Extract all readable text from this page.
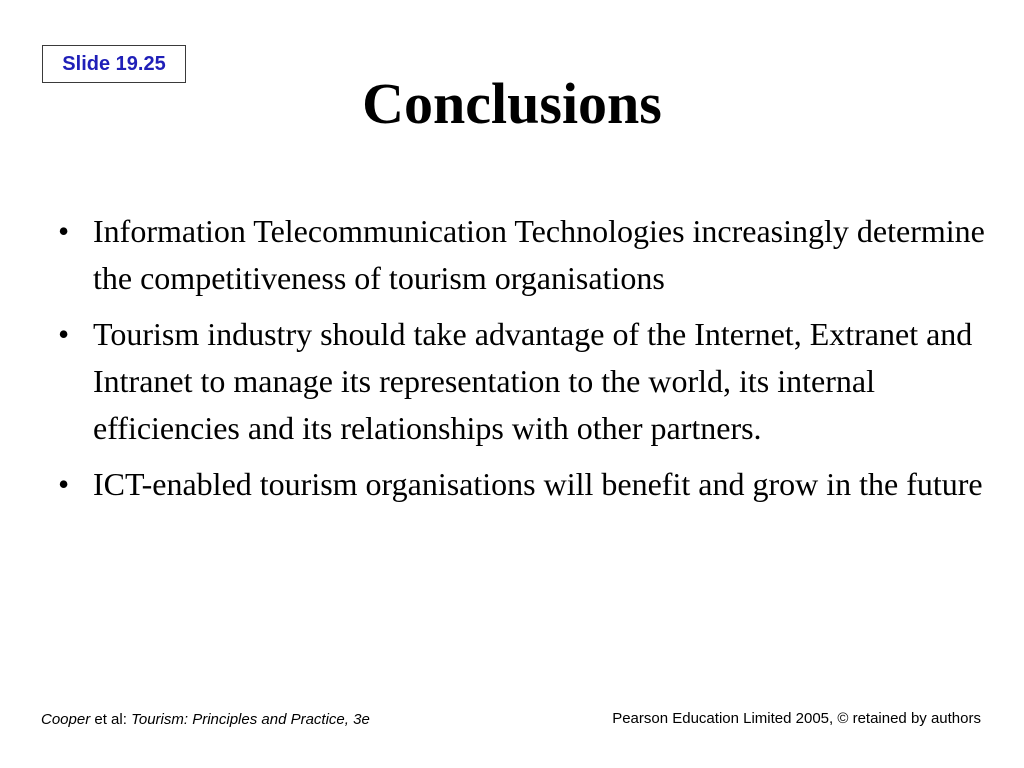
Slide 19.25
Conclusions
• Information Telecommunication Technologies increasingly determine the competitiveness of tourism organisations
• Tourism industry should take advantage of the Internet, Extranet and Intranet to manage its representation to the world, its internal efficiencies and its relationships with other partners.
• ICT-enabled tourism organisations will benefit and grow in the future
Cooper et al: Tourism: Principles and Practice, 3e	Pearson Education Limited 2005, © retained by authors
